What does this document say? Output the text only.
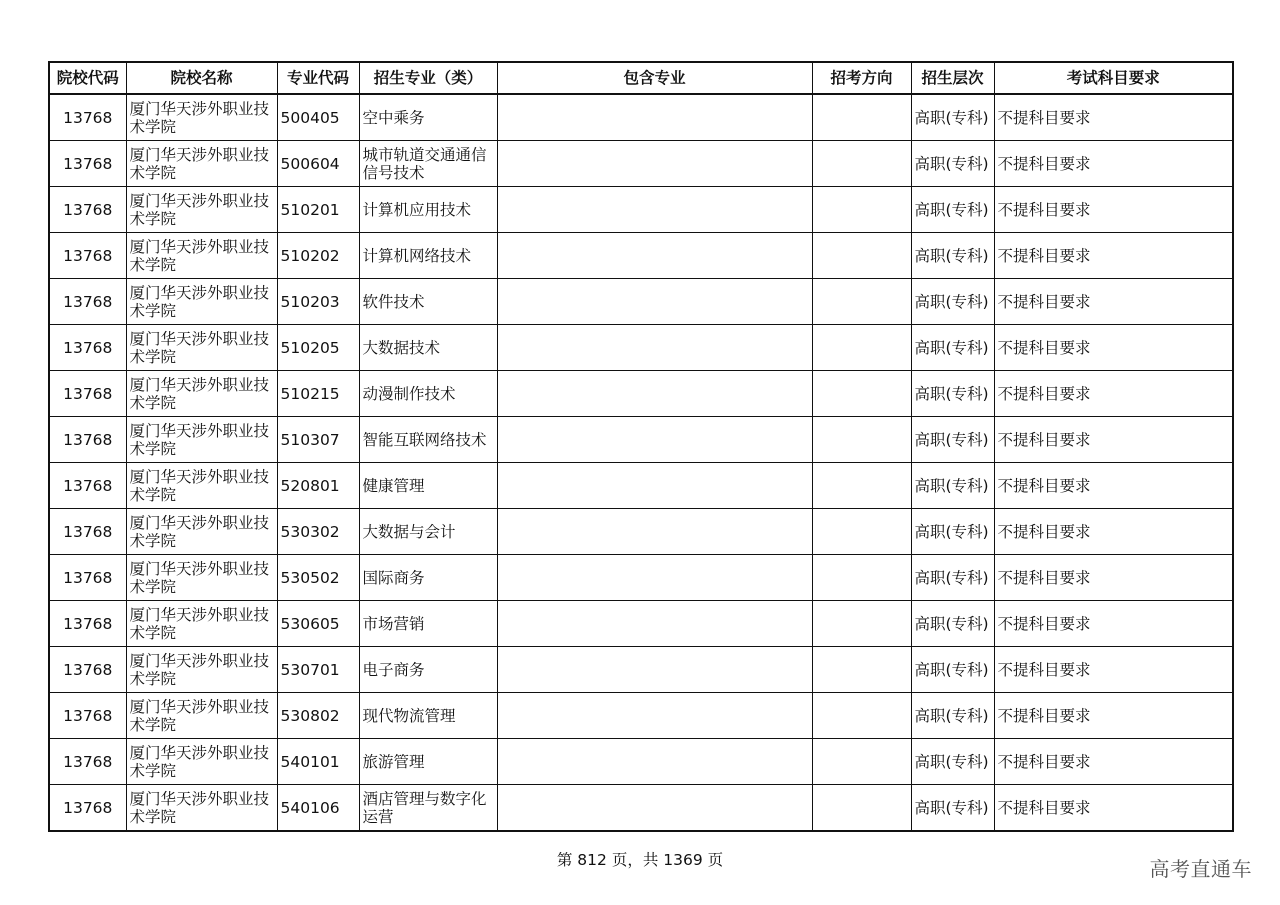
院校代码	院校名称	专业代码	招生专业（类）	包含专业	招考方向	招生层次	考试科目要求
13768	厦门华天涉外职业技术学院	500405	空中乘务			高职(专科)	不提科目要求
13768	厦门华天涉外职业技术学院	500604	城市轨道交通通信信号技术			高职(专科)	不提科目要求
13768	厦门华天涉外职业技术学院	510201	计算机应用技术			高职(专科)	不提科目要求
13768	厦门华天涉外职业技术学院	510202	计算机网络技术			高职(专科)	不提科目要求
13768	厦门华天涉外职业技术学院	510203	软件技术			高职(专科)	不提科目要求
13768	厦门华天涉外职业技术学院	510205	大数据技术			高职(专科)	不提科目要求
13768	厦门华天涉外职业技术学院	510215	动漫制作技术			高职(专科)	不提科目要求
13768	厦门华天涉外职业技术学院	510307	智能互联网络技术			高职(专科)	不提科目要求
13768	厦门华天涉外职业技术学院	520801	健康管理			高职(专科)	不提科目要求
13768	厦门华天涉外职业技术学院	530302	大数据与会计			高职(专科)	不提科目要求
13768	厦门华天涉外职业技术学院	530502	国际商务			高职(专科)	不提科目要求
13768	厦门华天涉外职业技术学院	530605	市场营销			高职(专科)	不提科目要求
13768	厦门华天涉外职业技术学院	530701	电子商务			高职(专科)	不提科目要求
13768	厦门华天涉外职业技术学院	530802	现代物流管理			高职(专科)	不提科目要求
13768	厦门华天涉外职业技术学院	540101	旅游管理			高职(专科)	不提科目要求
13768	厦门华天涉外职业技术学院	540106	酒店管理与数字化运营			高职(专科)	不提科目要求
第 812 页，共 1369 页	高考直通车
